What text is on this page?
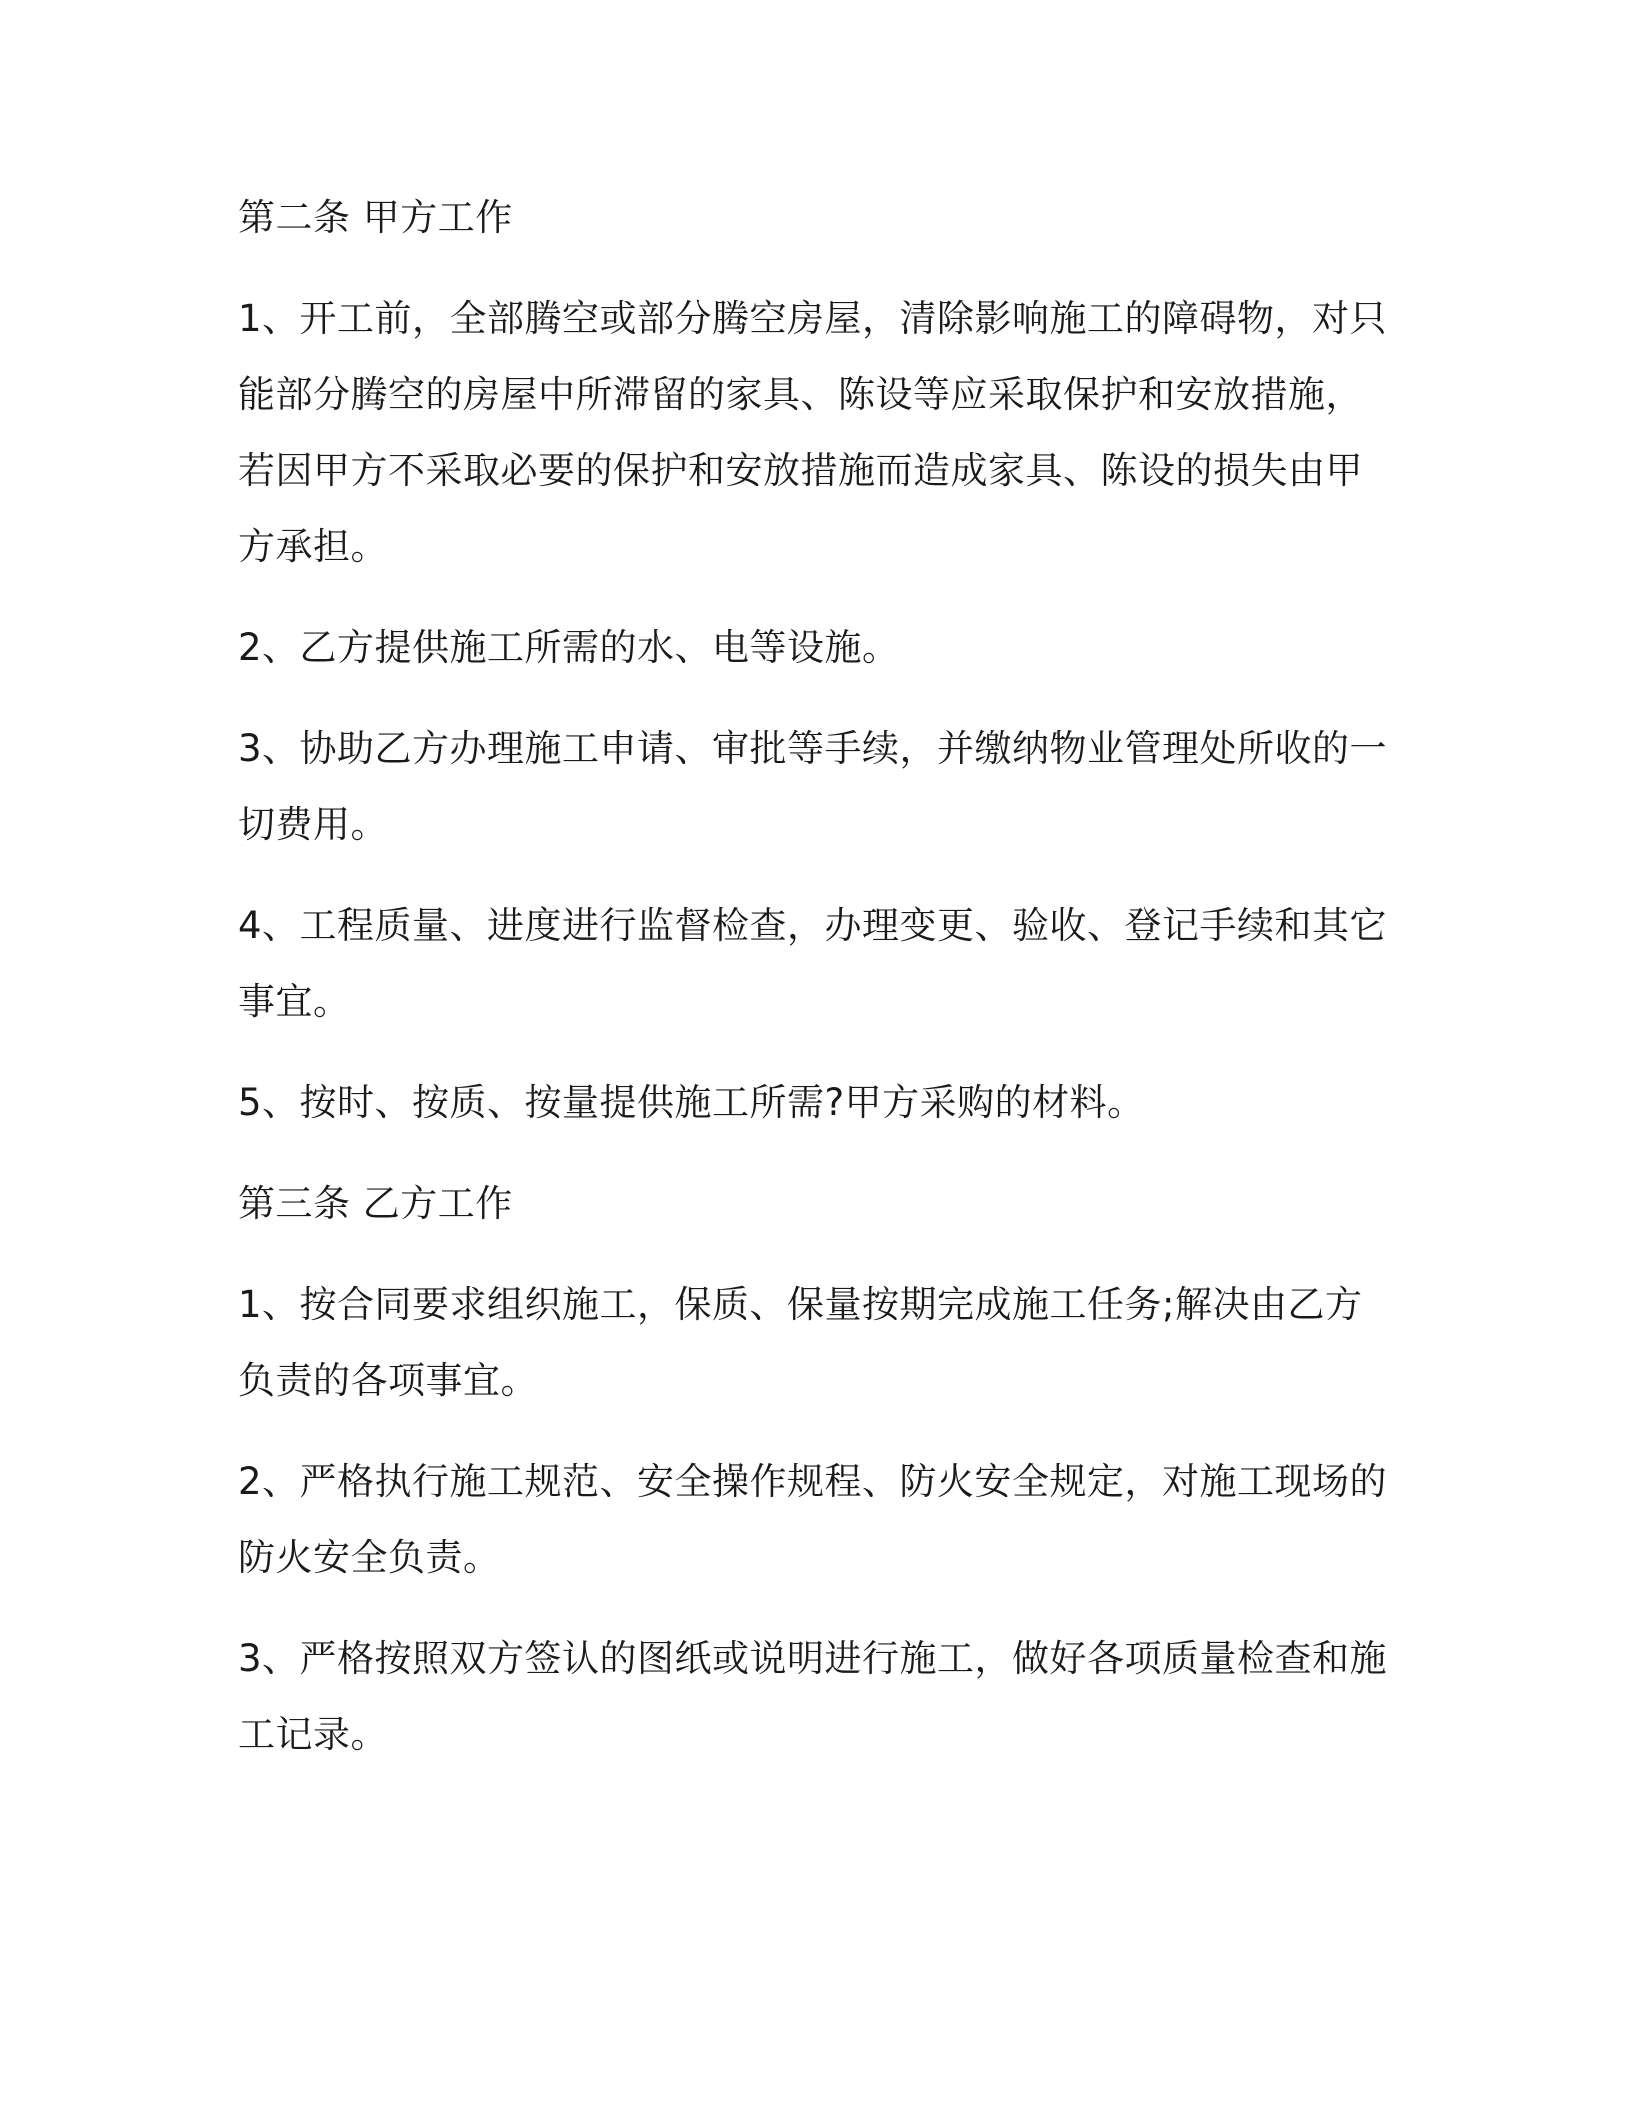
第二条 甲方工作

1、开工前，全部腾空或部分腾空房屋，清除影响施工的障碍物，对只能部分腾空的房屋中所滞留的家具、陈设等应采取保护和安放措施，若因甲方不采取必要的保护和安放措施而造成家具、陈设的损失由甲方承担。

2、乙方提供施工所需的水、电等设施。

3、协助乙方办理施工申请、审批等手续，并缴纳物业管理处所收的一切费用。

4、工程质量、进度进行监督检查，办理变更、验收、登记手续和其它事宜。

5、按时、按质、按量提供施工所需?甲方采购的材料。

第三条 乙方工作

1、按合同要求组织施工，保质、保量按期完成施工任务;解决由乙方负责的各项事宜。

2、严格执行施工规范、安全操作规程、防火安全规定，对施工现场的防火安全负责。

3、严格按照双方签认的图纸或说明进行施工，做好各项质量检查和施工记录。
